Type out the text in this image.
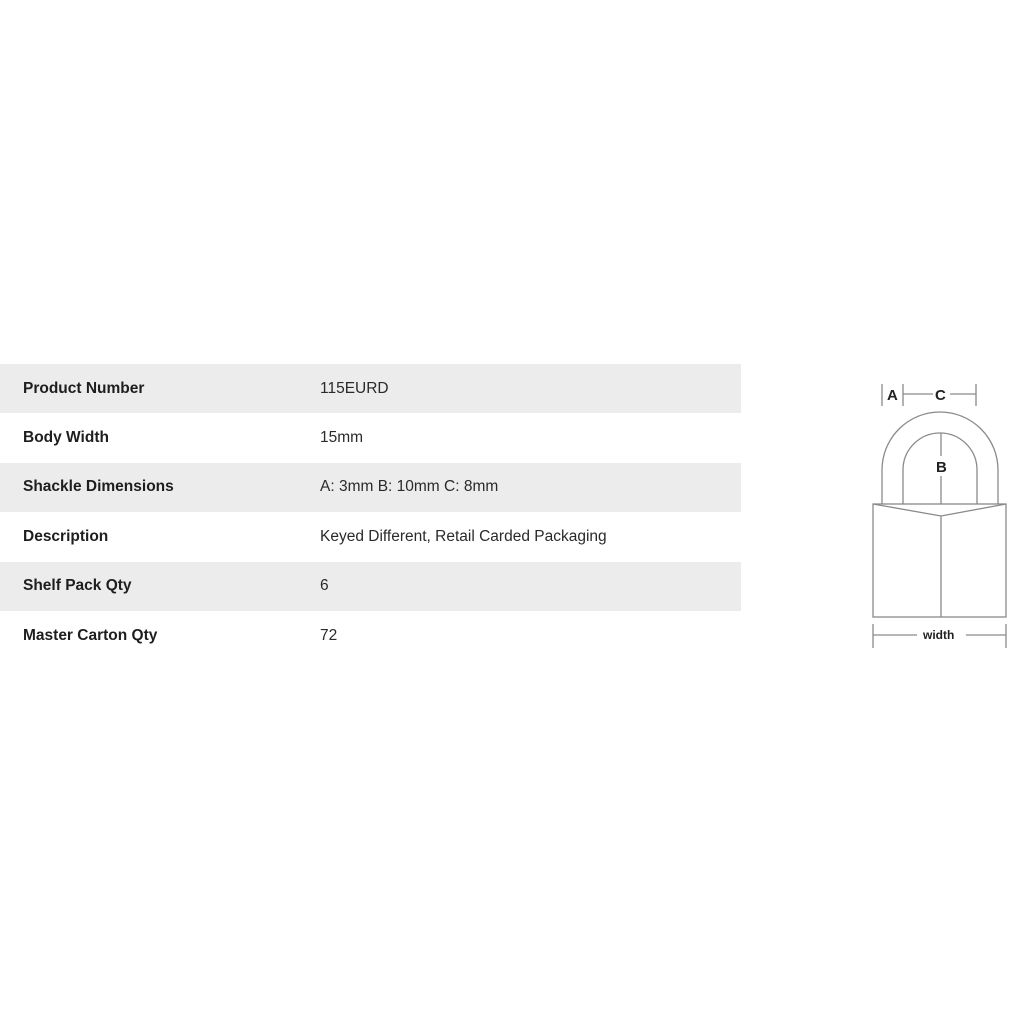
Product Number	115EURD
Body Width	15mm
Shackle Dimensions	A: 3mm B: 10mm C: 8mm
Description	Keyed Different, Retail Carded Packaging
Shelf Pack Qty	6
Master Carton Qty	72
A C
B
width
